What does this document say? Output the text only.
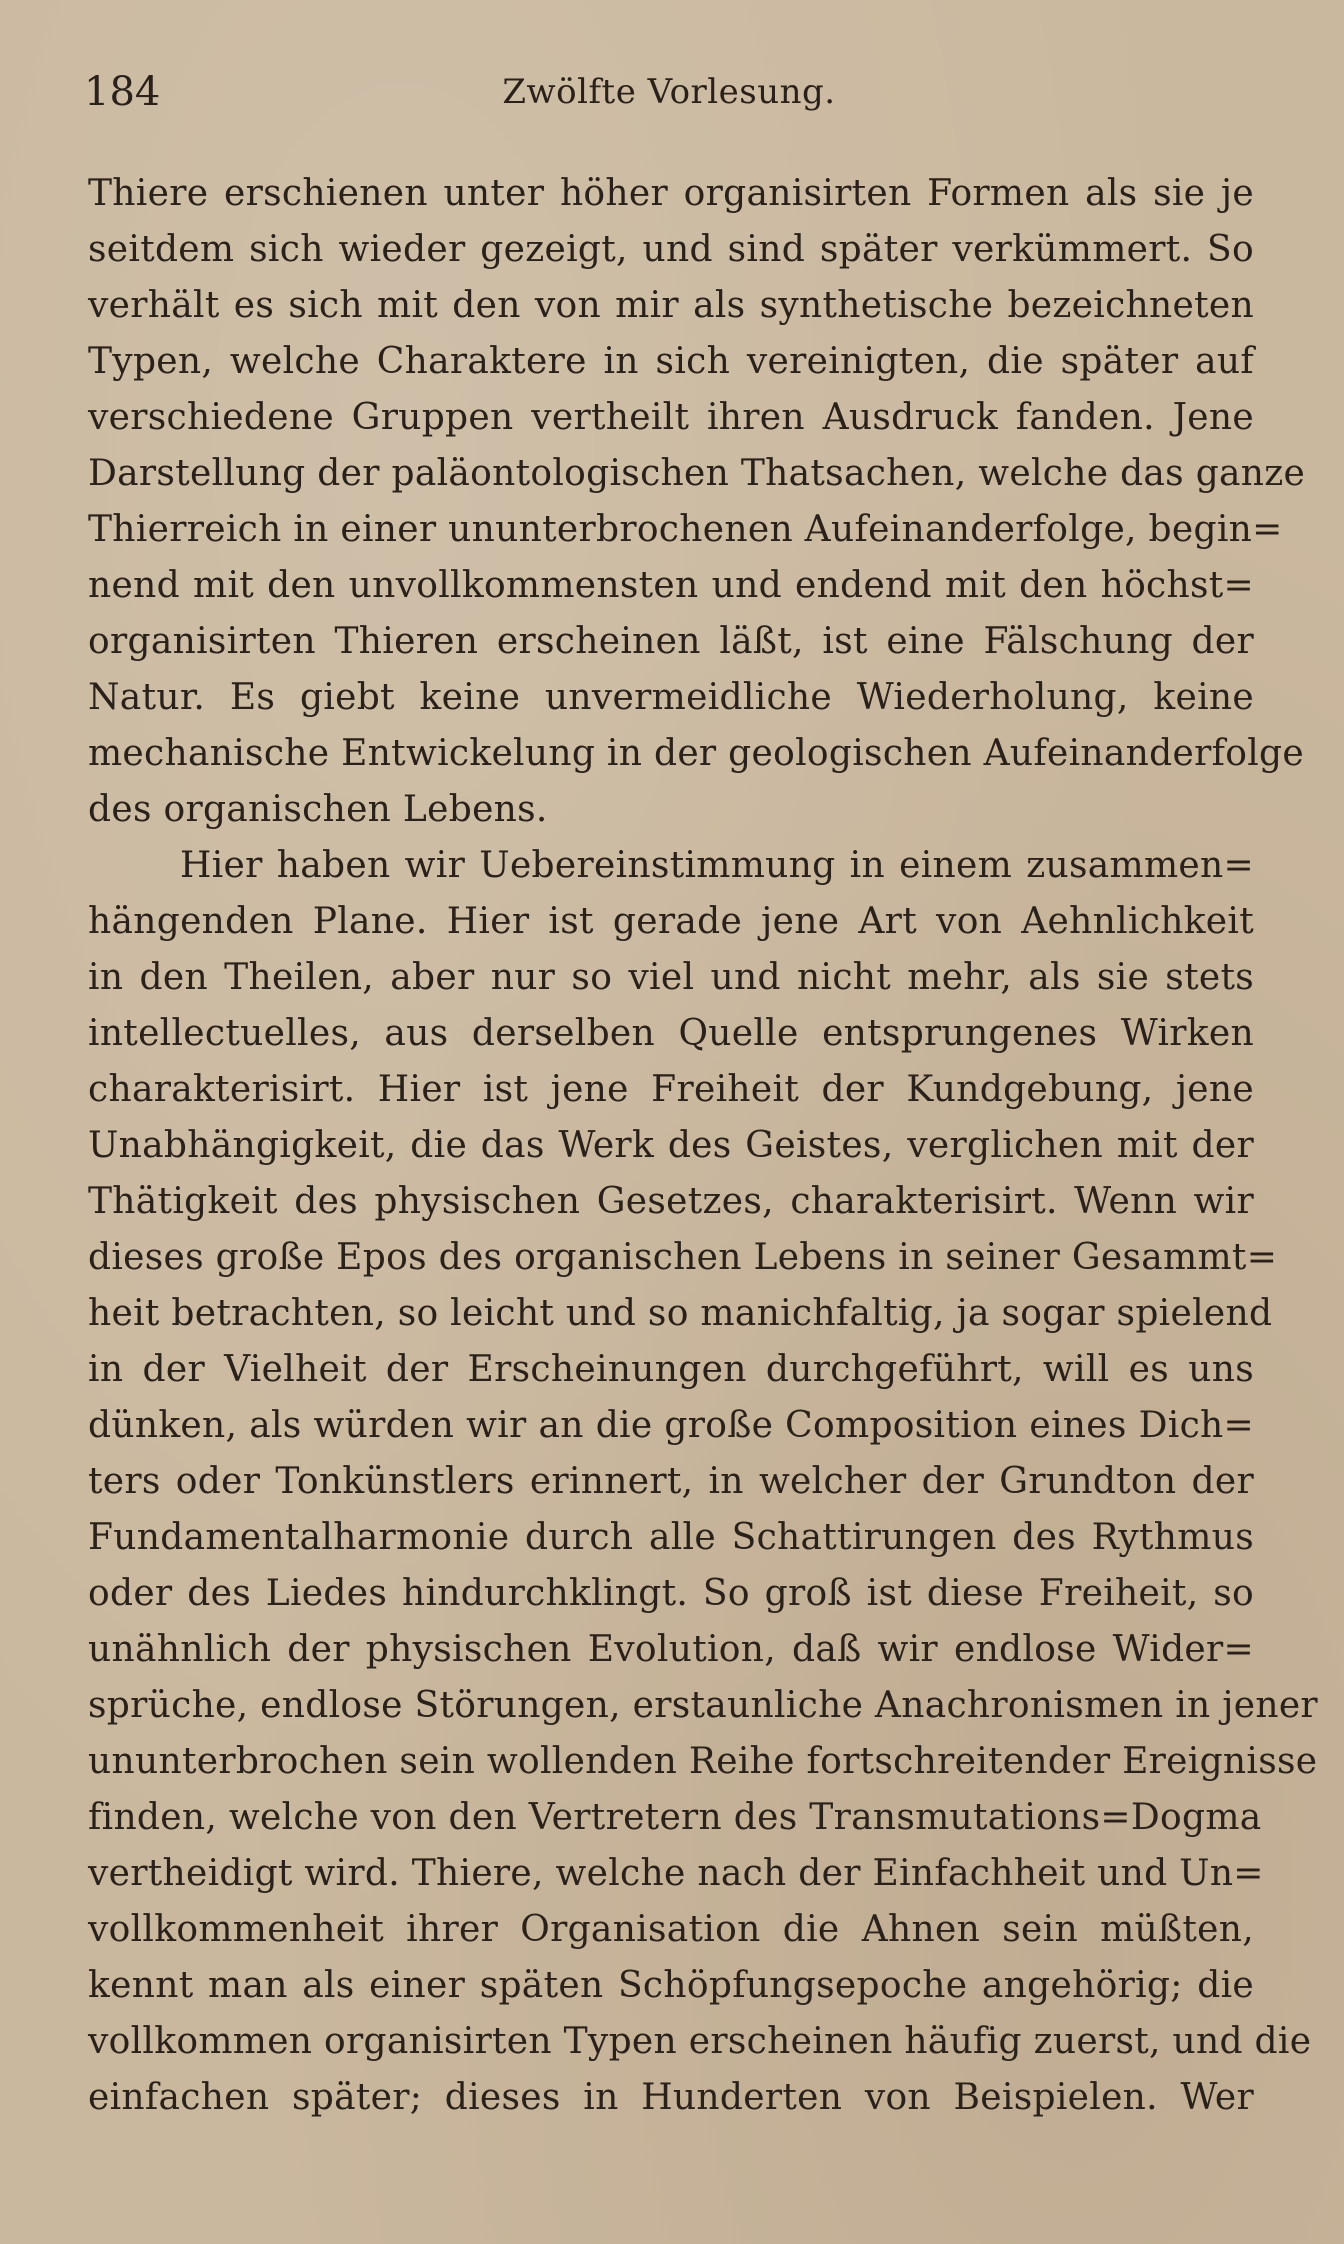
184	Zwölfte Vorlesung.
Thiere erschienen unter höher organisirten Formen als sie je
seitdem sich wieder gezeigt, und sind später verkümmert. So
verhält es sich mit den von mir als synthetische bezeichneten
Typen, welche Charaktere in sich vereinigten, die später auf
verschiedene Gruppen vertheilt ihren Ausdruck fanden. Jene
Darstellung der paläontologischen Thatsachen, welche das ganze
Thierreich in einer ununterbrochenen Aufeinanderfolge, begin=
nend mit den unvollkommensten und endend mit den höchst=
organisirten Thieren erscheinen läßt, ist eine Fälschung der
Natur. Es giebt keine unvermeidliche Wiederholung, keine
mechanische Entwickelung in der geologischen Aufeinanderfolge
des organischen Lebens.
Hier haben wir Uebereinstimmung in einem zusammen=
hängenden Plane. Hier ist gerade jene Art von Aehnlichkeit
in den Theilen, aber nur so viel und nicht mehr, als sie stets
intellectuelles, aus derselben Quelle entsprungenes Wirken
charakterisirt. Hier ist jene Freiheit der Kundgebung, jene
Unabhängigkeit, die das Werk des Geistes, verglichen mit der
Thätigkeit des physischen Gesetzes, charakterisirt. Wenn wir
dieses große Epos des organischen Lebens in seiner Gesammt=
heit betrachten, so leicht und so manichfaltig, ja sogar spielend
in der Vielheit der Erscheinungen durchgeführt, will es uns
dünken, als würden wir an die große Composition eines Dich=
ters oder Tonkünstlers erinnert, in welcher der Grundton der
Fundamentalharmonie durch alle Schattirungen des Rythmus
oder des Liedes hindurchklingt. So groß ist diese Freiheit, so
unähnlich der physischen Evolution, daß wir endlose Wider=
sprüche, endlose Störungen, erstaunliche Anachronismen in jener
ununterbrochen sein wollenden Reihe fortschreitender Ereignisse
finden, welche von den Vertretern des Transmutations=Dogma
vertheidigt wird. Thiere, welche nach der Einfachheit und Un=
vollkommenheit ihrer Organisation die Ahnen sein müßten,
kennt man als einer späten Schöpfungsepoche angehörig; die
vollkommen organisirten Typen erscheinen häufig zuerst, und die
einfachen später; dieses in Hunderten von Beispielen. Wer
